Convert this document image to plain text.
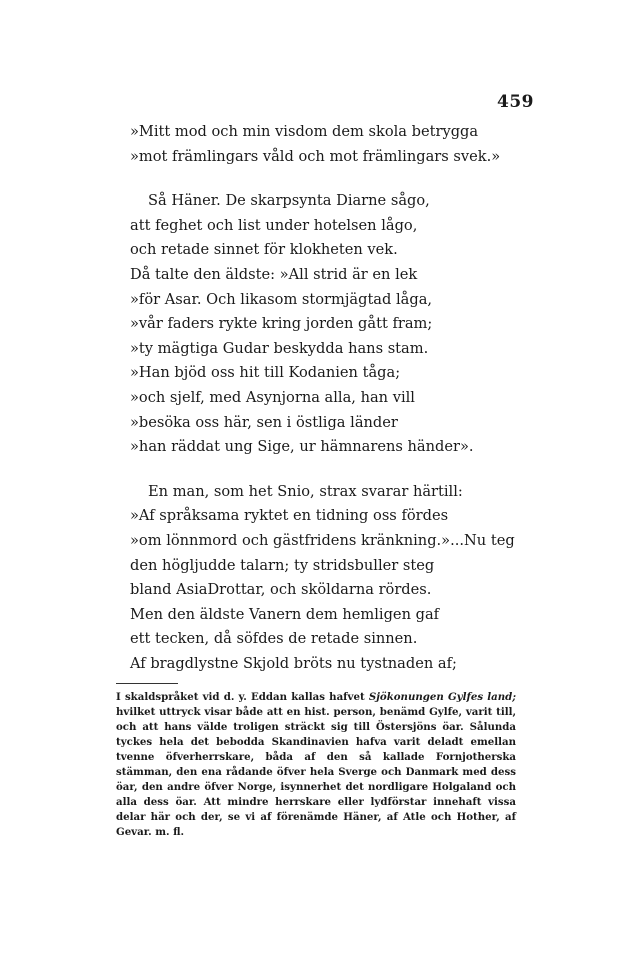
459

»Mitt mod och min visdom dem skola betrygga

»mot främlingars våld och mot främlingars svek.»

Så Häner. De skarpsynta Diarne sågo,

att feghet och list under hotelsen lågo,

och retade sinnet för klokheten vek.

Då talte den äldste: »All strid är en lek

»för Asar. Och likasom stormjägtad låga,

»vår faders rykte kring jorden gått fram;

»ty mägtiga Gudar beskydda hans stam.

»Han bjöd oss hit till Kodanien tåga;

»och sjelf, med Asynjorna alla, han vill

»besöka oss här, sen i östliga länder

»han räddat ung Sige, ur hämnarens händer».

En man, som het Snio, strax svarar härtill:

»Af språksama ryktet en tidning oss fördes

»om lönnmord och gästfridens kränkning.»...Nu teg

den högljudde talarn; ty stridsbuller steg

bland AsiaDrottar, och sköldarna rördes.

Men den äldste Vanern dem hemligen gaf

ett tecken, då söfdes de retade sinnen.

Af bragdlystne Skjold bröts nu tystnaden af;

I skaldspråket vid d. y. Eddan kallas hafvet Sjökonungen Gylfes land; hvilket uttryck visar både att en hist. person, benämd Gylfe, varit till, och att hans välde troligen sträckt sig till Östersjöns öar. Sålunda tyckes hela det bebodda Skandinavien hafva varit deladt emellan tvenne öfverherrskare, båda af den så kallade Fornjotherska stämman, den ena rådande öfver hela Sverge och Danmark med dess öar, den andre öfver Norge, isynnerhet det nordligare Holgaland och alla dess öar. Att mindre herrskare eller lydförstar innehaft vissa delar här och der, se vi af förenämde Häner, af Atle och Hother, af Gevar. m. fl.
